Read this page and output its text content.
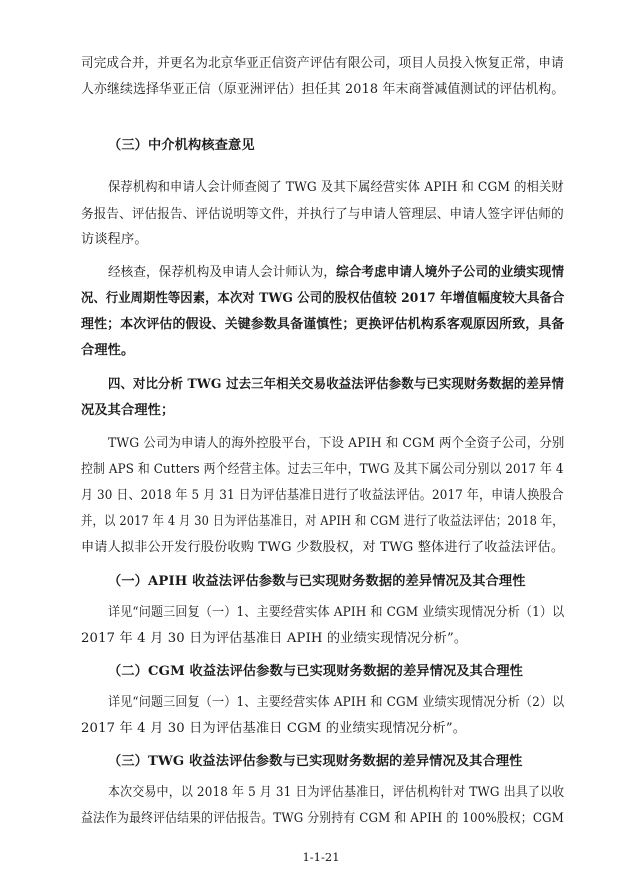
司完成合并，并更名为北京华亚正信资产评估有限公司，项目人员投入恢复正常，申请
人亦继续选择华亚正信（原亚洲评估）担任其 2018 年末商誉减值测试的评估机构。
（三）中介机构核查意见
保荐机构和申请人会计师查阅了 TWG 及其下属经营实体 APIH 和 CGM 的相关财
务报告、评估报告、评估说明等文件，并执行了与申请人管理层、申请人签字评估师的
访谈程序。
经核查，保荐机构及申请人会计师认为，综合考虑申请人境外子公司的业绩实现情
况、行业周期性等因素，本次对 TWG 公司的股权估值较 2017 年增值幅度较大具备合
理性；本次评估的假设、关键参数具备谨慎性；更换评估机构系客观原因所致，具备
合理性。
四、对比分析 TWG 过去三年相关交易收益法评估参数与已实现财务数据的差异情
况及其合理性；
TWG 公司为申请人的海外控股平台，下设 APIH 和 CGM 两个全资子公司，分别
控制 APS 和 Cutters 两个经营主体。过去三年中，TWG 及其下属公司分别以 2017 年 4
月 30 日、2018 年 5 月 31 日为评估基准日进行了收益法评估。2017 年，申请人换股合
并，以 2017 年 4 月 30 日为评估基准日，对 APIH 和 CGM 进行了收益法评估；2018 年，
申请人拟非公开发行股份收购 TWG 少数股权，对 TWG 整体进行了收益法评估。
（一）APIH 收益法评估参数与已实现财务数据的差异情况及其合理性
详见“问题三回复（一）1、主要经营实体 APIH 和 CGM 业绩实现情况分析（1）以
2017 年 4 月 30 日为评估基准日 APIH 的业绩实现情况分析”。
（二）CGM 收益法评估参数与已实现财务数据的差异情况及其合理性
详见“问题三回复（一）1、主要经营实体 APIH 和 CGM 业绩实现情况分析（2）以
2017 年 4 月 30 日为评估基准日 CGM 的业绩实现情况分析”。
（三）TWG 收益法评估参数与已实现财务数据的差异情况及其合理性
本次交易中，以 2018 年 5 月 31 日为评估基准日，评估机构针对 TWG 出具了以收
益法作为最终评估结果的评估报告。TWG 分别持有 CGM 和 APIH 的 100%股权；CGM
1-1-21
